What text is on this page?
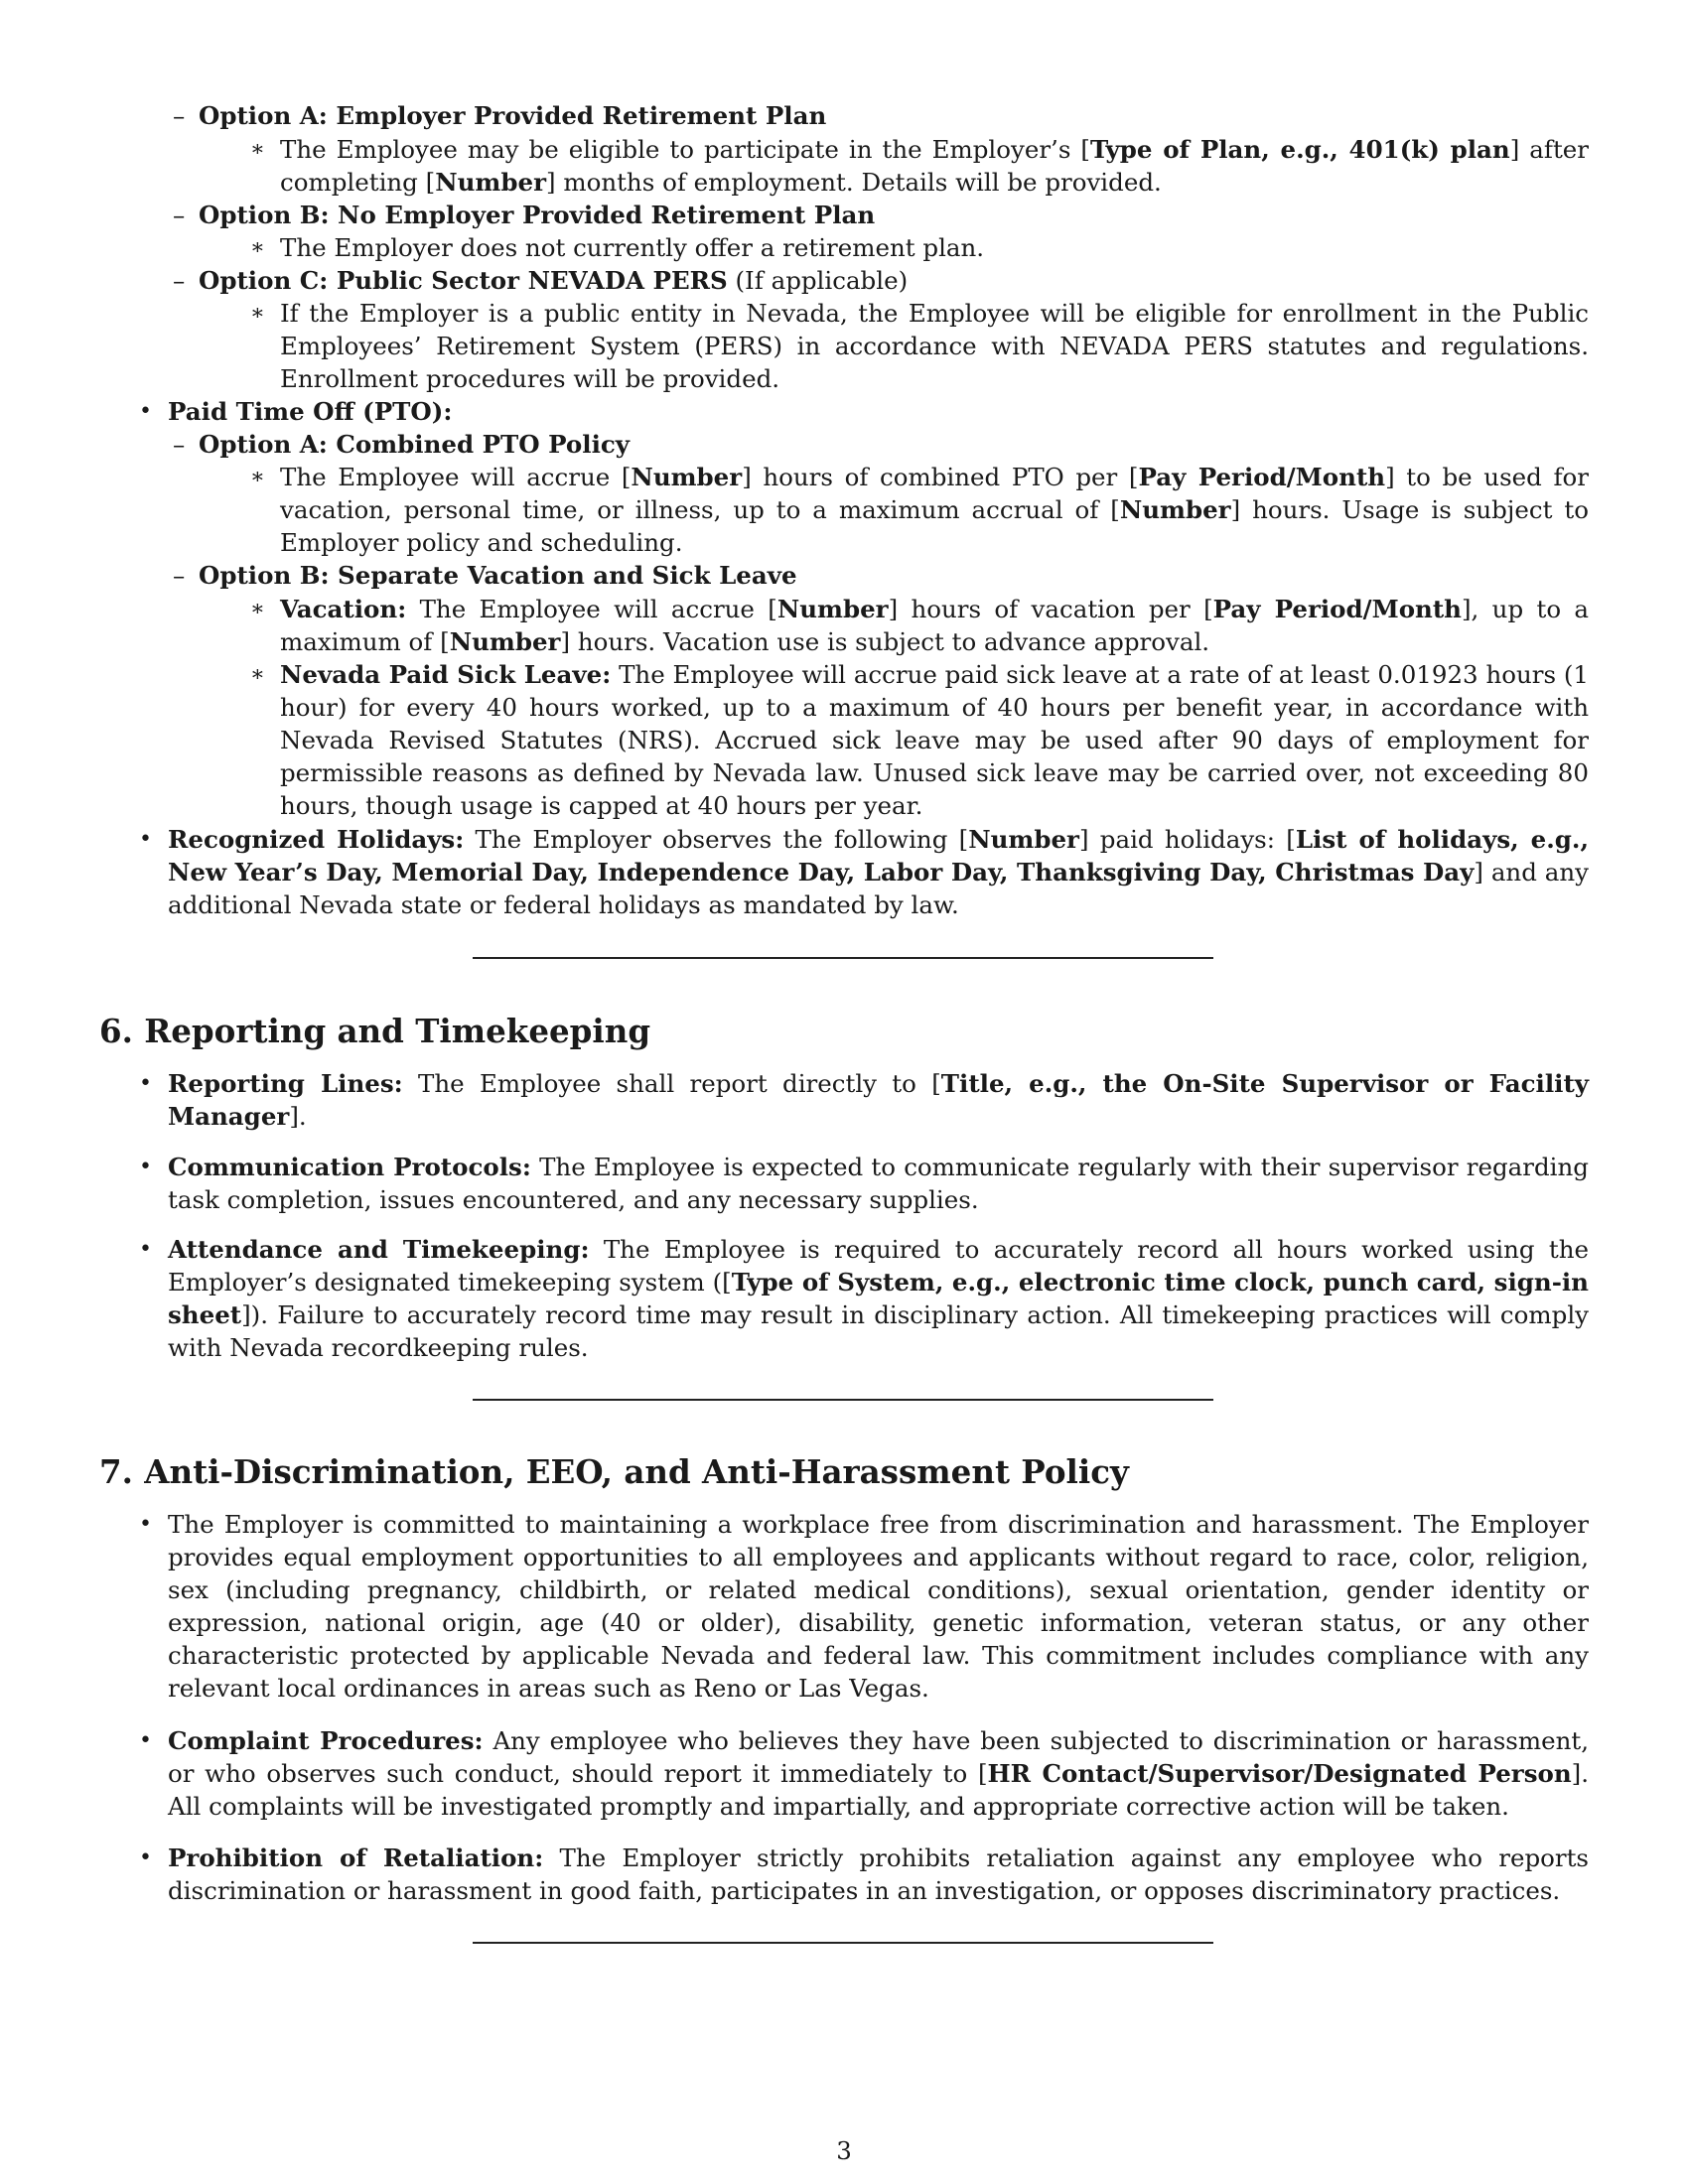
– Option A: Employer Provided Retirement Plan
∗ The Employee may be eligible to participate in the Employer’s [Type of Plan, e.g., 401(k) plan] after completing [Number] months of employment. Details will be provided.
– Option B: No Employer Provided Retirement Plan
∗ The Employer does not currently offer a retirement plan.
– Option C: Public Sector NEVADA PERS (If applicable)
∗ If the Employer is a public entity in Nevada, the Employee will be eligible for enrollment in the Public Employees’ Retirement System (PERS) in accordance with NEVADA PERS statutes and regulations. Enrollment procedures will be provided.
• Paid Time Off (PTO):
– Option A: Combined PTO Policy
∗ The Employee will accrue [Number] hours of combined PTO per [Pay Period/Month] to be used for vacation, personal time, or illness, up to a maximum accrual of [Number] hours. Usage is subject to Employer policy and scheduling.
– Option B: Separate Vacation and Sick Leave
∗ Vacation: The Employee will accrue [Number] hours of vacation per [Pay Period/Month], up to a maximum of [Number] hours. Vacation use is subject to advance approval.
∗ Nevada Paid Sick Leave: The Employee will accrue paid sick leave at a rate of at least 0.01923 hours (1 hour) for every 40 hours worked, up to a maximum of 40 hours per benefit year, in accordance with Nevada Revised Statutes (NRS). Accrued sick leave may be used after 90 days of employment for permissible reasons as defined by Nevada law. Unused sick leave may be carried over, not exceeding 80 hours, though usage is capped at 40 hours per year.
• Recognized Holidays: The Employer observes the following [Number] paid holidays: [List of holidays, e.g., New Year’s Day, Memorial Day, Independence Day, Labor Day, Thanksgiving Day, Christmas Day] and any additional Nevada state or federal holidays as mandated by law.
6. Reporting and Timekeeping
• Reporting Lines: The Employee shall report directly to [Title, e.g., the On-Site Supervisor or Facility Manager].
• Communication Protocols: The Employee is expected to communicate regularly with their supervisor regarding task completion, issues encountered, and any necessary supplies.
• Attendance and Timekeeping: The Employee is required to accurately record all hours worked using the Employer’s designated timekeeping system ([Type of System, e.g., electronic time clock, punch card, sign-in sheet]). Failure to accurately record time may result in disciplinary action. All timekeeping practices will comply with Nevada recordkeeping rules.
7. Anti-Discrimination, EEO, and Anti-Harassment Policy
• The Employer is committed to maintaining a workplace free from discrimination and harassment. The Employer provides equal employment opportunities to all employees and applicants without regard to race, color, religion, sex (including pregnancy, childbirth, or related medical conditions), sexual orientation, gender identity or expression, national origin, age (40 or older), disability, genetic information, veteran status, or any other characteristic protected by applicable Nevada and federal law. This commitment includes compliance with any relevant local ordinances in areas such as Reno or Las Vegas.
• Complaint Procedures: Any employee who believes they have been subjected to discrimination or harassment, or who observes such conduct, should report it immediately to [HR Contact/Supervisor/Designated Person]. All complaints will be investigated promptly and impartially, and appropriate corrective action will be taken.
• Prohibition of Retaliation: The Employer strictly prohibits retaliation against any employee who reports discrimination or harassment in good faith, participates in an investigation, or opposes discriminatory practices.
3
